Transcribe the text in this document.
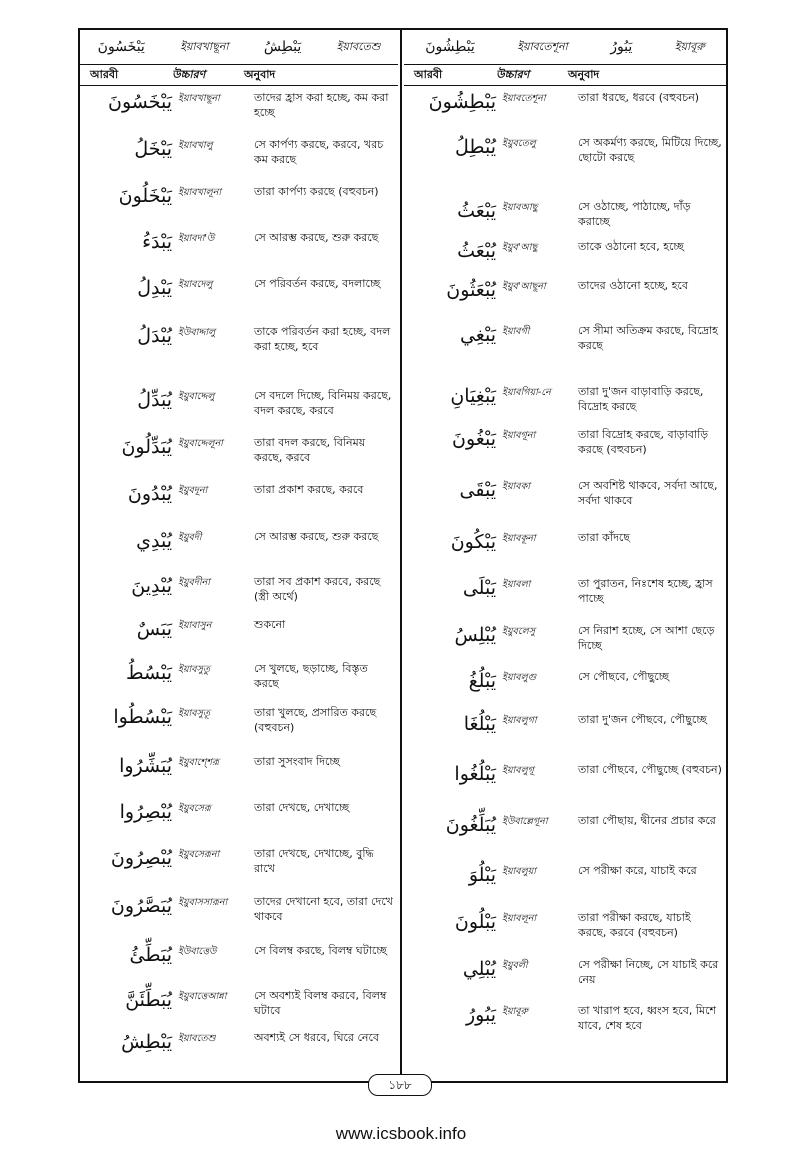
يَبْخَسُونَ	ইয়াবখাছূনা	يَبْطِشُ	ইয়াবতেশু
আরবী	উচ্চারণ	অনুবাদ
يَبْخَسُونَ ইয়াবখাছূনা	তাদের হ্রাস করা হচ্ছে, কম করা হচ্ছে
يَبْخَلُ ইয়াবখালু	সে কার্পণ্য করছে, করবে, খরচ কম করছে
يَبْخَلُونَ ইয়াবখালূনা	তারা কার্পণ্য করছে (বহুবচন)
يَبْدَءُ ইয়াবদা'উ	সে আরম্ভ করছে, শুরু করছে
يَبْدِلُ ইয়াবদেলু	সে পরিবর্তন করছে, বদলাচ্ছে
يُبْدَلُ ইউবাদ্দালু	তাকে পরিবর্তন করা হচ্ছে, বদল করা হচ্ছে, হবে
يُبَدِّلُ ইয়ুবাদ্দেলু	সে বদলে দিচ্ছে, বিনিময় করছে, বদল করছে, করবে
يُبَدِّلُونَ ইয়ুবাদ্দেলূনা	তারা বদল করছে, বিনিময় করছে, করবে
يُبْدُونَ ইয়ুবদূনা	তারা প্রকাশ করছে, করবে
يُبْدِي ইয়ুবদী	সে আরম্ভ করছে, শুরু করছে
يُبْدِينَ ইয়ুবদীনা	তারা সব প্রকাশ করবে, করছে (স্ত্রী অর্থে)
يَبَسٌ ইয়াবাসুন	শুকনো
يَبْسُطُ ইয়াবসুতু	সে খুলছে, ছড়াচ্ছে, বিস্তৃত করছে
يَبْسُطُوا ইয়াবসুতূ	তারা খুলছে, প্রসারিত করছে (বহুবচন)
يُبَشِّرُوا ইয়ুবাশ্শেরূ	তারা সুসংবাদ দিচ্ছে
يُبْصِرُوا ইয়ুবসেরূ	তারা দেখছে, দেখাচ্ছে
يُبْصِرُونَ ইয়ুবসেরূনা	তারা দেখছে, দেখাচ্ছে, বুদ্ধি রাখে
يُبَصَّرُونَ ইয়ুবাসসারূনা	তাদের দেখানো হবে, তারা দেখে থাকবে
يُبَطِّئُ ইউবাত্তেউ	সে বিলম্ব করছে, বিলম্ব ঘটাচ্ছে
يُبَطِّئَنَّ ইয়ুবাত্তেআন্না	সে অবশ্যই বিলম্ব করবে, বিলম্ব ঘটাবে
يَبْطِشُ ইয়াবতেশু	অবশ্যই সে ধরবে, ঘিরে নেবে
يَبْطِشُونَ	ইয়াবতেশূনা	يَبُورُ	ইয়াবূরু
আরবী	উচ্চারণ	অনুবাদ
يَبْطِشُونَ ইয়াবতেশূনা	তারা ধরছে, ধরবে (বহুবচন)
يُبْطِلُ ইয়ুবতেলু	সে অকর্মণ্য করছে, মিটিয়ে দিচ্ছে, ছোটো করছে
يَبْعَثُ ইয়াবআছু	সে ওঠাচ্ছে, পাঠাচ্ছে, দাঁড় করাচ্ছে
يُبْعَثُ ইয়ুব'আছু	তাকে ওঠানো হবে, হচ্ছে
يُبْعَثُونَ ইয়ুব'আছূনা	তাদের ওঠানো হচ্ছে, হবে
يَبْغِي ইয়াবগী	সে সীমা অতিক্রম করছে, বিদ্রোহ করছে
يَبْغِيَانِ ইয়াবগিয়া-নে	তারা দু'জন বাড়াবাড়ি করছে, বিদ্রোহ করছে
يَبْغُونَ ইয়াবগূনা	তারা বিদ্রোহ করছে, বাড়াবাড়ি করছে (বহুবচন)
يَبْقَى ইয়াবকা	সে অবশিষ্ট থাকবে, সর্বদা আছে, সর্বদা থাকবে
يَبْكُونَ ইয়াবকূনা	তারা কাঁদছে
يَبْلَى ইয়াবলা	তা পুরাতন, নিঃশেষ হচ্ছে, হ্রাস পাচ্ছে
يُبْلِسُ ইয়ুবলেসু	সে নিরাশ হচ্ছে, সে আশা ছেড়ে দিচ্ছে
يَبْلُغُ ইয়াবলুগু	সে পৌছবে, পৌছুচ্ছে
يَبْلُغَا ইয়াবলুগা	তারা দু'জন পৌছবে, পৌছুচ্ছে
يَبْلُغُوا ইয়াবলুগূ	তারা পৌছবে, পৌছুচ্ছে (বহুবচন)
يُبَلِّغُونَ ইউবাল্লেগূনা	তারা পৌছায়, দ্বীনের প্রচার করে
يَبْلُوَ ইয়াবলুয়া	সে পরীক্ষা করে, যাচাই করে
يَبْلُونَ ইয়াবলূনা	তারা পরীক্ষা করছে, যাচাই করছে, করবে (বহুবচন)
يُبْلِي ইয়ুবলী	সে পরীক্ষা নিচ্ছে, সে যাচাই করে নেয়
يَبُورُ ইয়াবূরু	তা খারাপ হবে, ধ্বংস হবে, মিশে যাবে, শেষ হবে
১৮৮
www.icsbook.info
